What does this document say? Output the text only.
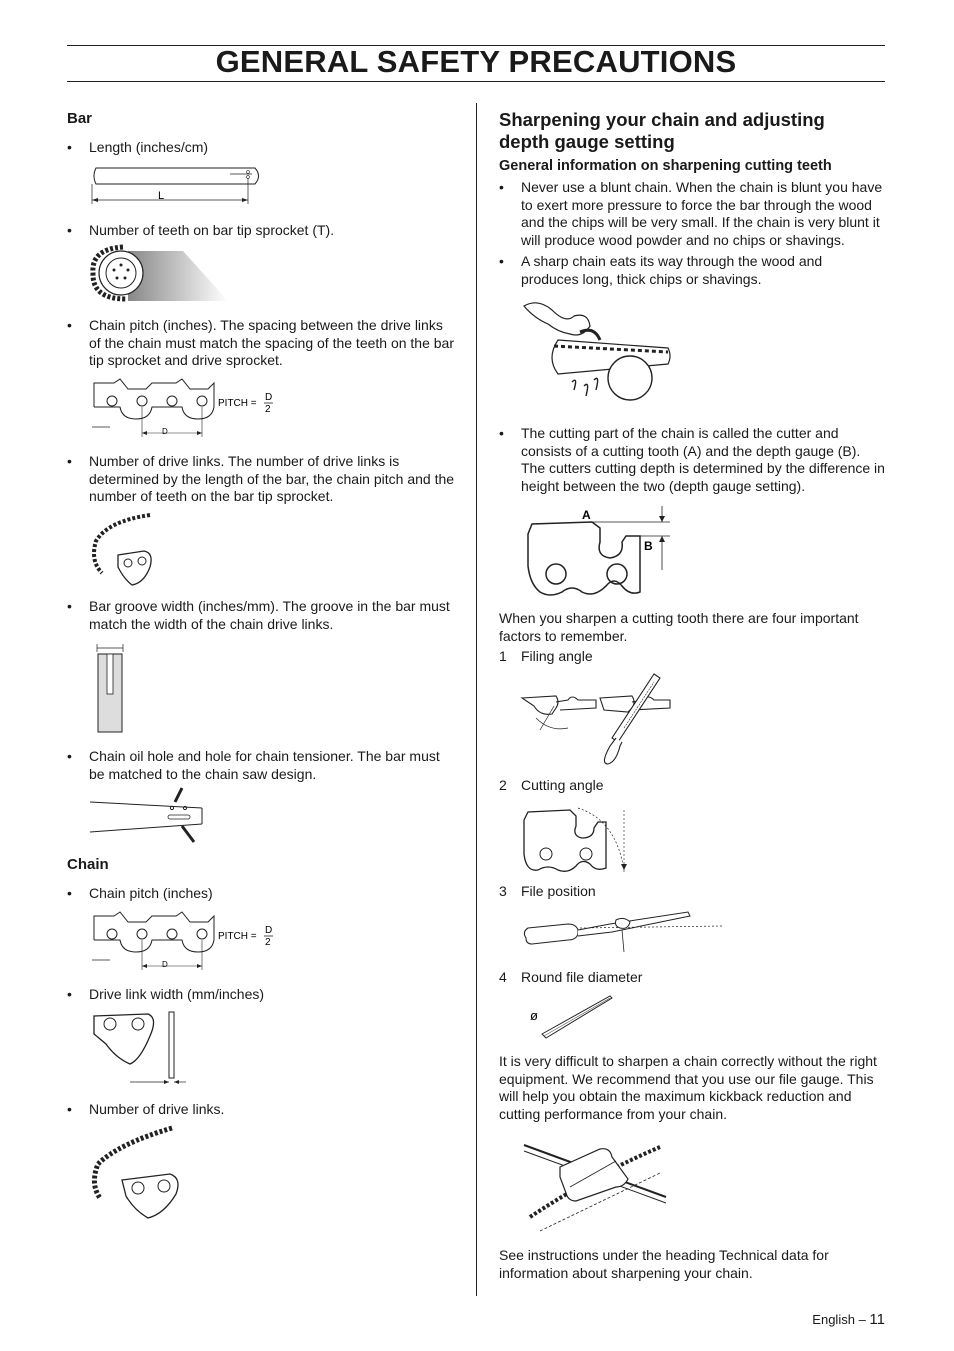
GENERAL SAFETY PRECAUTIONS
Bar
• Length (inches/cm)
L
• Number of teeth on bar tip sprocket (T).
• Chain pitch (inches). The spacing between the drive links of the chain must match the spacing of the teeth on the bar tip sprocket and drive sprocket.
D
PITCH =
D
2
• Number of drive links. The number of drive links is determined by the length of the bar, the chain pitch and the number of teeth on the bar tip sprocket.
• Bar groove width (inches/mm). The groove in the bar must match the width of the chain drive links.
• Chain oil hole and hole for chain tensioner. The bar must be matched to the chain saw design.
Chain
• Chain pitch (inches)
D
PITCH =
D
2
• Drive link width (mm/inches)
• Number of drive links.
Sharpening your chain and adjusting depth gauge setting
General information on sharpening cutting teeth
• Never use a blunt chain. When the chain is blunt you have to exert more pressure to force the bar through the wood and the chips will be very small. If the chain is very blunt it will produce wood powder and no chips or shavings.
• A sharp chain eats its way through the wood and produces long, thick chips or shavings.
• The cutting part of the chain is called the cutter and consists of a cutting tooth (A) and the depth gauge (B). The cutters cutting depth is determined by the difference in height between the two (depth gauge setting).
A
B
When you sharpen a cutting tooth there are four important factors to remember.
1 Filing angle
2 Cutting angle
3 File position
4 Round file diameter
ø
It is very difficult to sharpen a chain correctly without the right equipment. We recommend that you use our file gauge. This will help you obtain the maximum kickback reduction and cutting performance from your chain.
See instructions under the heading Technical data for information about sharpening your chain.
English – 11
